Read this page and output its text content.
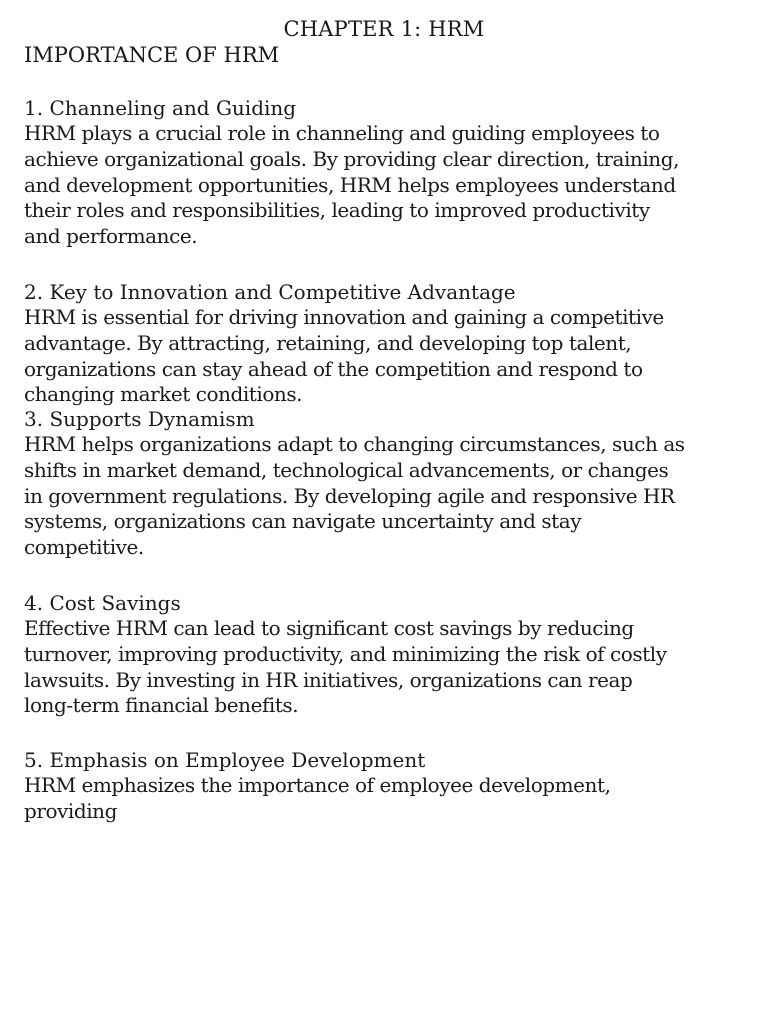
CHAPTER 1: HRM
IMPORTANCE OF HRM
1. Channeling and Guiding

HRM plays a crucial role in channeling and guiding employees to
achieve organizational goals. By providing clear direction, training,
and development opportunities, HRM helps employees understand
their roles and responsibilities, leading to improved productivity
and performance.

2. Key to Innovation and Competitive Advantage

HRM is essential for driving innovation and gaining a competitive
advantage. By attracting, retaining, and developing top talent,
organizations can stay ahead of the competition and respond to
changing market conditions.

3. Supports Dynamism

HRM helps organizations adapt to changing circumstances, such as
shifts in market demand, technological advancements, or changes
in government regulations. By developing agile and responsive HR
systems, organizations can navigate uncertainty and stay
competitive.

4. Cost Savings

Effective HRM can lead to significant cost savings by reducing
turnover, improving productivity, and minimizing the risk of costly
lawsuits. By investing in HR initiatives, organizations can reap
long-term financial benefits.

5. Emphasis on Employee Development

HRM emphasizes the importance of employee development,
providing
